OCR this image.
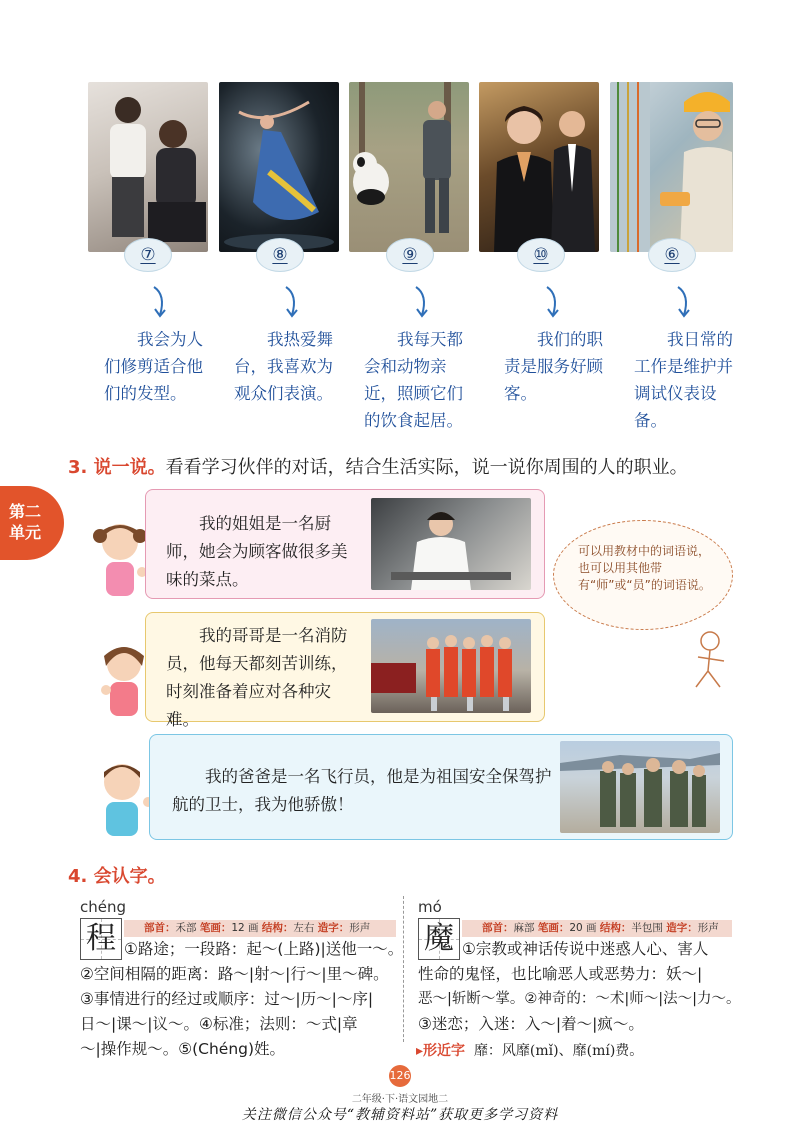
⑦	⑧	⑨	⑩	⑥
我会为人们修剪适合他们的发型。
我热爱舞台，我喜欢为观众们表演。
我每天都会和动物亲近，照顾它们的饮食起居。
我们的职责是服务好顾客。
我日常的工作是维护并调试仪表设备。
3. 说一说。看看学习伙伴的对话，结合生活实际，说一说你周围的人的职业。
第二
单元	我的姐姐是一名厨师，她会为顾客做很多美味的菜点。
我的哥哥是一名消防员，他每天都刻苦训练，时刻准备着应对各种灾难。
我的爸爸是一名飞行员，他是为祖国安全保驾护航的卫士，我为他骄傲！
可以用教材中的词语说，也可以用其他带有“师”或“员”的词语说。
4. 会认字。
chéng
程	部首：禾部 笔画：12 画 结构：左右 造字：形声
①路途；一段路：起～(上路)|送他一～。
②空间相隔的距离：路～|射～|行～|里～碑。
③事情进行的经过或顺序：过～|历～|～序|
日～|课～|议～。④标准；法则：～式|章
～|操作规～。⑤(Chéng)姓。
mó
魔	部首：麻部 笔画：20 画 结构：半包围 造字：形声
①宗教或神话传说中迷惑人心、害人
性命的鬼怪，也比喻恶人或恶势力：妖～|
恶～|斩断～掌。②神奇的：～术|师～|法～|力～。
③迷恋；入迷：入～|着～|疯～。
▸形近字 靡：风靡(mǐ)、靡(mí)费。
126
二年级·下·语文园地二
关注微信公众号“教辅资料站”获取更多学习资料
